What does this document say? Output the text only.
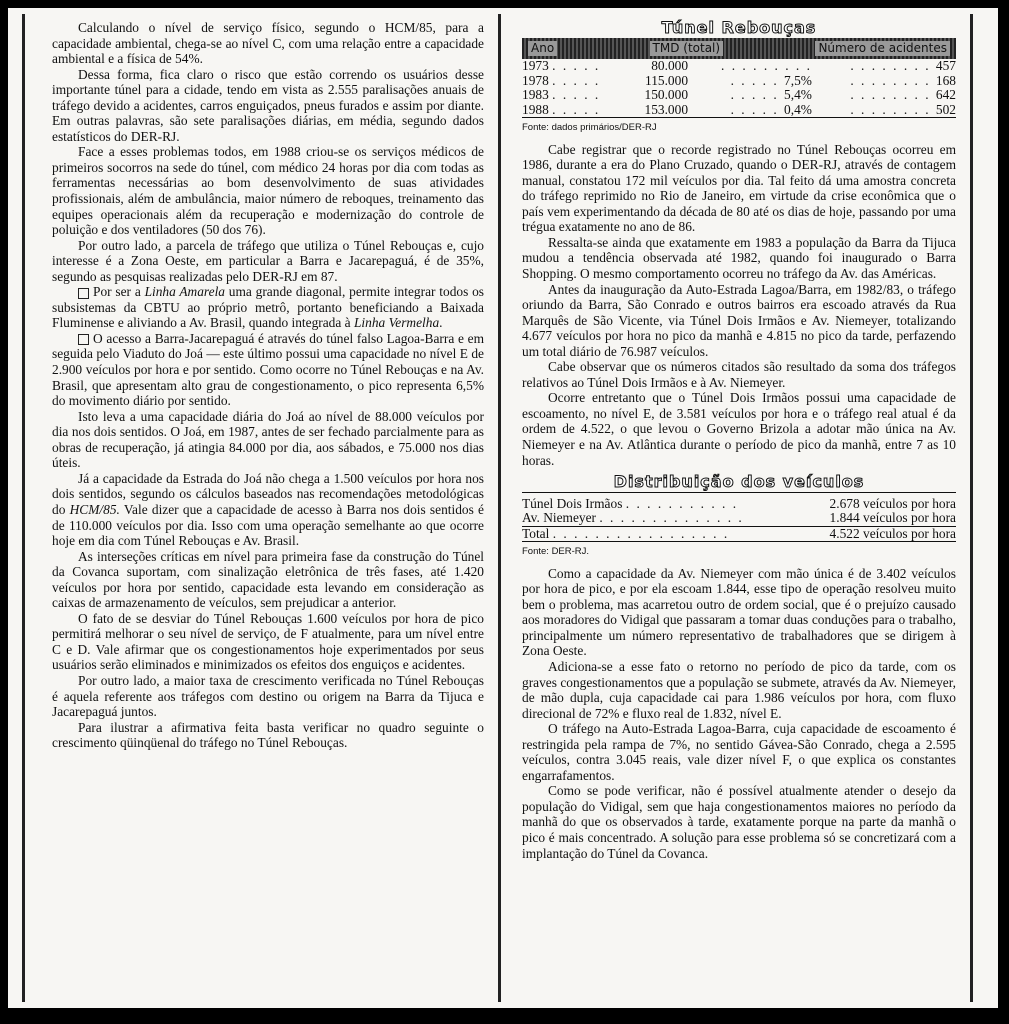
Calculando o nível de serviço físico, segundo o HCM/85, para a capacidade ambiental, chega-se ao nível C, com uma relação entre a capacidade ambiental e a física de 54%.

Dessa forma, fica claro o risco que estão correndo os usuários desse importante túnel para a cidade, tendo em vista as 2.555 paralisações anuais de tráfego devido a acidentes, carros enguiçados, pneus furados e assim por diante. Em outras palavras, são sete paralisações diárias, em média, segundo dados estatísticos do DER-RJ.

Face a esses problemas todos, em 1988 criou-se os serviços médicos de primeiros socorros na sede do túnel, com médico 24 horas por dia com todas as ferramentas necessárias ao bom desenvolvimento de suas atividades profissionais, além de ambulância, maior número de reboques, treinamento das equipes operacionais além da recuperação e modernização do controle de poluição e dos ventiladores (50 dos 76).

Por outro lado, a parcela de tráfego que utiliza o Túnel Rebouças e, cujo interesse é a Zona Oeste, em particular a Barra e Jacarepaguá, é de 35%, segundo as pesquisas realizadas pelo DER-RJ em 87.

Por ser a Linha Amarela uma grande diagonal, permite integrar todos os subsistemas da CBTU ao próprio metrô, portanto beneficiando a Baixada Fluminense e aliviando a Av. Brasil, quando integrada à Linha Vermelha.

O acesso a Barra-Jacarepaguá é através do túnel falso Lagoa-Barra e em seguida pelo Viaduto do Joá — este último possui uma capacidade no nível E de 2.900 veículos por hora e por sentido. Como ocorre no Túnel Rebouças e na Av. Brasil, que apresentam alto grau de congestionamento, o pico representa 6,5% do movimento diário por sentido.

Isto leva a uma capacidade diária do Joá ao nível de 88.000 veículos por dia nos dois sentidos. O Joá, em 1987, antes de ser fechado parcialmente para as obras de recuperação, já atingia 84.000 por dia, aos sábados, e 75.000 nos dias úteis.

Já a capacidade da Estrada do Joá não chega a 1.500 veículos por hora nos dois sentidos, segundo os cálculos baseados nas recomendações metodológicas do HCM/85. Vale dizer que a capacidade de acesso à Barra nos dois sentidos é de 110.000 veículos por dia. Isso com uma operação semelhante ao que ocorre hoje em dia com Túnel Rebouças e Av. Brasil.

As interseções críticas em nível para primeira fase da construção do Túnel da Covanca suportam, com sinalização eletrônica de três fases, até 1.420 veículos por hora por sentido, capacidade esta levando em consideração as caixas de armazenamento de veículos, sem prejudicar a anterior.

O fato de se desviar do Túnel Rebouças 1.600 veículos por hora de pico permitirá melhorar o seu nível de serviço, de F atualmente, para um nível entre C e D. Vale afirmar que os congestionamentos hoje experimentados por seus usuários serão eliminados e minimizados os efeitos dos enguiços e acidentes.

Por outro lado, a maior taxa de crescimento verificada no Túnel Rebouças é aquela referente aos tráfegos com destino ou origem na Barra da Tijuca e Jacarepaguá juntos.

Para ilustrar a afirmativa feita basta verificar no quadro seguinte o crescimento qüinqüenal do tráfego no Túnel Rebouças.

Túnel Rebouças
Ano	TMD (total)	Número de acidentes
1973 . . . . .	80.000	. . . . . . . . .	. . . . . . . . 457
1978 . . . . .	115.000	. . . . . 7,5%	. . . . . . . . 168
1983 . . . . .	150.000	. . . . . 5,4%	. . . . . . . . 642
1988 . . . . .	153.000	. . . . . 0,4%	. . . . . . . . 502
Fonte: dados primários/DER-RJ

Cabe registrar que o recorde registrado no Túnel Rebouças ocorreu em 1986, durante a era do Plano Cruzado, quando o DER-RJ, através de contagem manual, constatou 172 mil veículos por dia. Tal feito dá uma amostra concreta do tráfego reprimido no Rio de Janeiro, em virtude da crise econômica que o país vem experimentando da década de 80 até os dias de hoje, passando por uma trégua exatamente no ano de 86.

Ressalta-se ainda que exatamente em 1983 a população da Barra da Tijuca mudou a tendência observada até 1982, quando foi inaugurado o Barra Shopping. O mesmo comportamento ocorreu no tráfego da Av. das Américas.

Antes da inauguração da Auto-Estrada Lagoa/Barra, em 1982/83, o tráfego oriundo da Barra, São Conrado e outros bairros era escoado através da Rua Marquês de São Vicente, via Túnel Dois Irmãos e Av. Niemeyer, totalizando 4.677 veículos por hora no pico da manhã e 4.815 no pico da tarde, perfazendo um total diário de 76.987 veículos.

Cabe observar que os números citados são resultado da soma dos tráfegos relativos ao Túnel Dois Irmãos e à Av. Niemeyer.

Ocorre entretanto que o Túnel Dois Irmãos possui uma capacidade de escoamento, no nível E, de 3.581 veículos por hora e o tráfego real atual é da ordem de 4.522, o que levou o Governo Brizola a adotar mão única na Av. Niemeyer e na Av. Atlântica durante o período de pico da manhã, entre 7 as 10 horas.

Distribuição dos veículos
Túnel Dois Irmãos . . . . . . . . . . .	2.678 veículos por hora
Av. Niemeyer . . . . . . . . . . . . . .	1.844 veículos por hora
Total . . . . . . . . . . . . . . . . .	4.522 veículos por hora
Fonte: DER-RJ.

Como a capacidade da Av. Niemeyer com mão única é de 3.402 veículos por hora de pico, e por ela escoam 1.844, esse tipo de operação resolveu muito bem o problema, mas acarretou outro de ordem social, que é o prejuízo causado aos moradores do Vidigal que passaram a tomar duas conduções para o trabalho, principalmente um número representativo de trabalhadores que se dirigem à Zona Oeste.

Adiciona-se a esse fato o retorno no período de pico da tarde, com os graves congestionamentos que a população se submete, através da Av. Niemeyer, de mão dupla, cuja capacidade cai para 1.986 veículos por hora, com fluxo direcional de 72% e fluxo real de 1.832, nível E.

O tráfego na Auto-Estrada Lagoa-Barra, cuja capacidade de escoamento é restringida pela rampa de 7%, no sentido Gávea-São Conrado, chega a 2.595 veículos, contra 3.045 reais, vale dizer nível F, o que explica os constantes engarrafamentos.

Como se pode verificar, não é possível atualmente atender o desejo da população do Vidigal, sem que haja congestionamentos maiores no período da manhã do que os observados à tarde, exatamente porque na parte da manhã o pico é mais concentrado. A solução para esse problema só se concretizará com a implantação do Túnel da Covanca.
